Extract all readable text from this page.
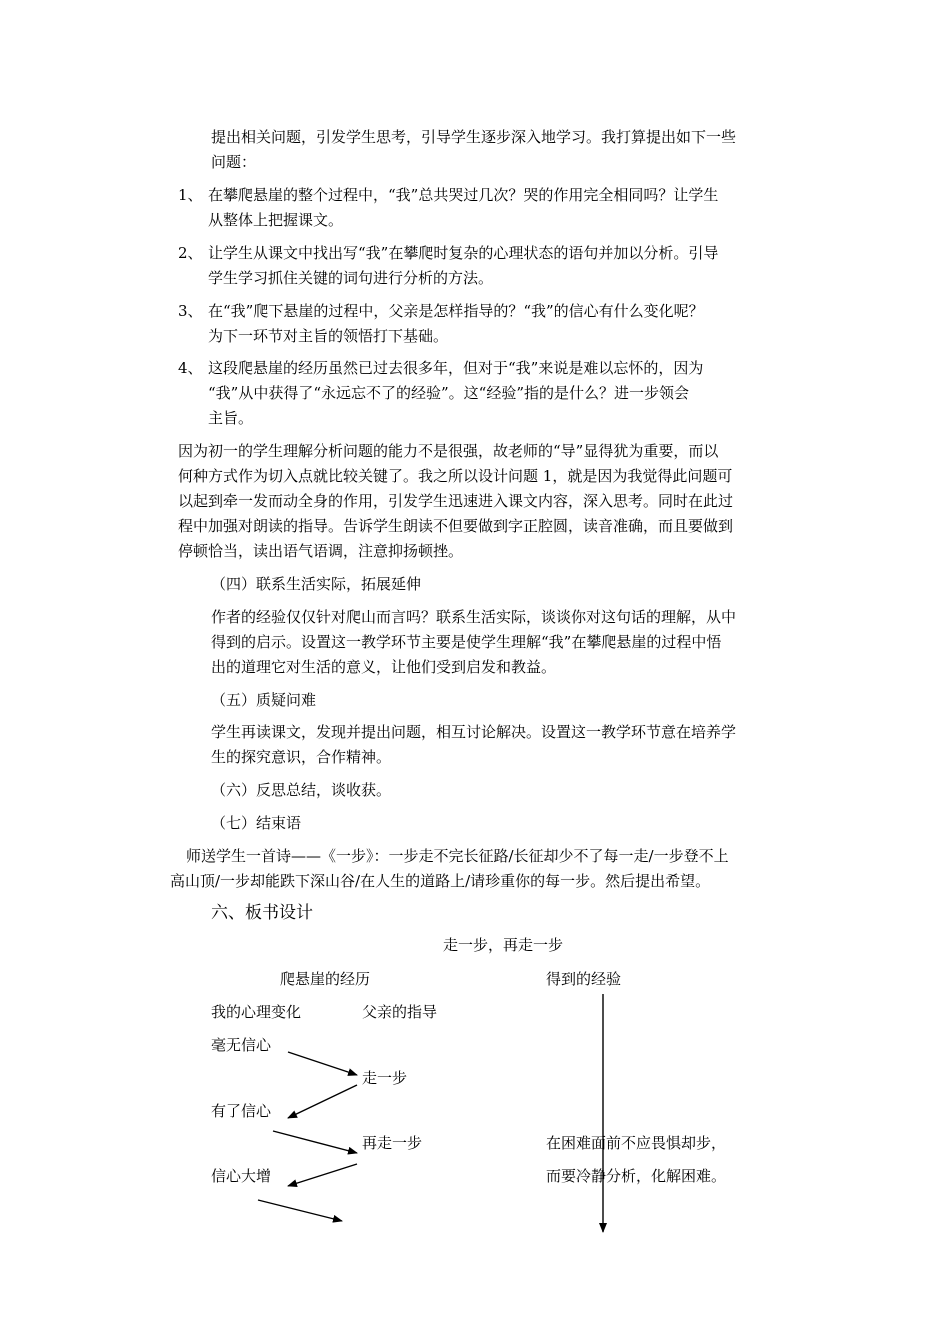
提出相关问题，引发学生思考，引导学生逐步深入地学习。我打算提出如下一些
问题：
1、 在攀爬悬崖的整个过程中，“我”总共哭过几次？哭的作用完全相同吗？让学生
从整体上把握课文。
2、 让学生从课文中找出写“我”在攀爬时复杂的心理状态的语句并加以分析。引导
学生学习抓住关键的词句进行分析的方法。
3、 在“我”爬下悬崖的过程中，父亲是怎样指导的？“我”的信心有什么变化呢？
为下一环节对主旨的领悟打下基础。
4、 这段爬悬崖的经历虽然已过去很多年，但对于“我”来说是难以忘怀的，因为
“我”从中获得了“永远忘不了的经验”。这“经验”指的是什么？进一步领会
主旨。
因为初一的学生理解分析问题的能力不是很强，故老师的“导”显得犹为重要，而以
何种方式作为切入点就比较关键了。我之所以设计问题 1，就是因为我觉得此问题可
以起到牵一发而动全身的作用，引发学生迅速进入课文内容，深入思考。同时在此过
程中加强对朗读的指导。告诉学生朗读不但要做到字正腔圆，读音准确，而且要做到
停顿恰当，读出语气语调，注意抑扬顿挫。
（四）联系生活实际，拓展延伸
作者的经验仅仅针对爬山而言吗？联系生活实际，谈谈你对这句话的理解，从中
得到的启示。设置这一教学环节主要是使学生理解“我”在攀爬悬崖的过程中悟
出的道理它对生活的意义，让他们受到启发和教益。
（五）质疑问难
学生再读课文，发现并提出问题，相互讨论解决。设置这一教学环节意在培养学
生的探究意识，合作精神。
（六）反思总结，谈收获。
（七）结束语
师送学生一首诗——《一步》：一步走不完长征路/长征却少不了每一走/一步登不上
高山顶/一步却能跌下深山谷/在人生的道路上/请珍重你的每一步。然后提出希望。
六、板书设计
走一步，再走一步
爬悬崖的经历	得到的经验
我的心理变化	父亲的指导
毫无信心
走一步
有了信心
再走一步	在困难面前不应畏惧却步，
信心大增	而要冷静分析，化解困难。
